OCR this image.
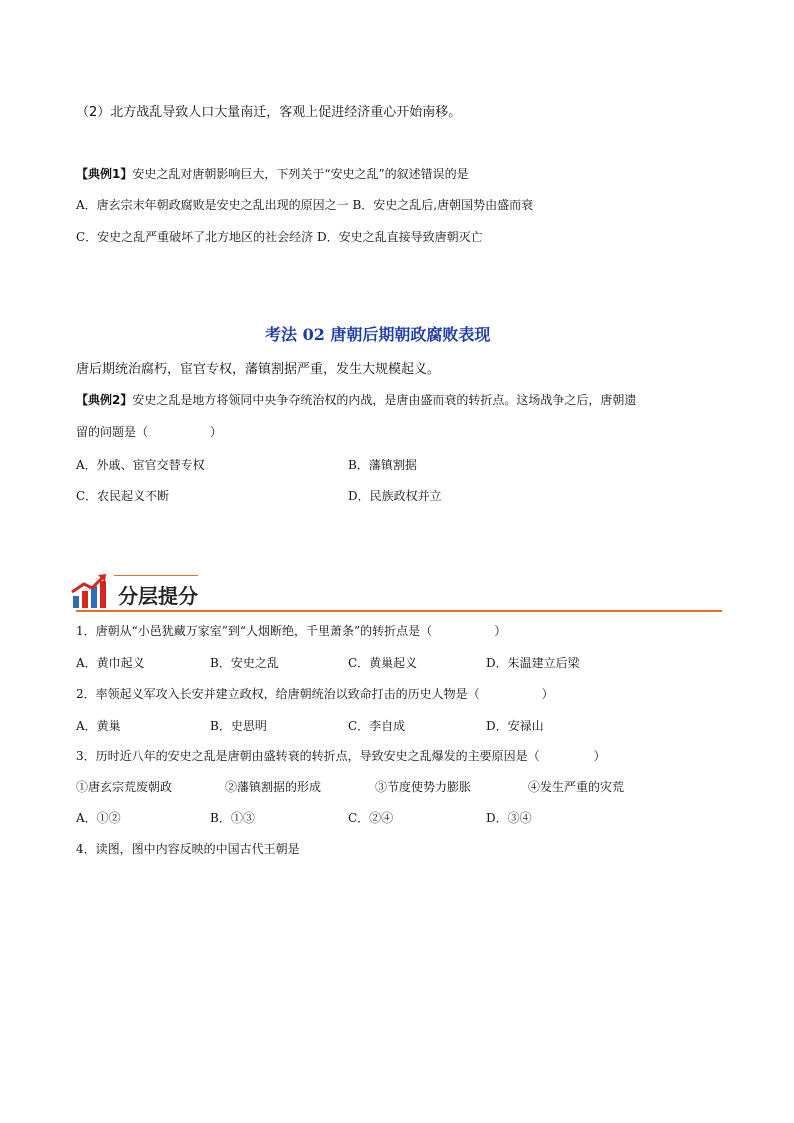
（2）北方战乱导致人口大量南迁，客观上促进经济重心开始南移。
【典例1】安史之乱对唐朝影响巨大，下列关于“安史之乱”的叙述错误的是
A．唐玄宗末年朝政腐败是安史之乱出现的原因之一 B．安史之乱后,唐朝国势由盛而衰
C．安史之乱严重破坏了北方地区的社会经济 D．安史之乱直接导致唐朝灭亡
考法 02 唐朝后期朝政腐败表现
唐后期统治腐朽，宦官专权，藩镇割据严重，发生大规模起义。
【典例2】安史之乱是地方将领同中央争夺统治权的内战，是唐由盛而衰的转折点。这场战争之后，唐朝遗
留的问题是（	）
A．外戚、宦官交替专权	B．藩镇割据
C．农民起义不断	D．民族政权并立
分层提分
1．唐朝从“小邑犹藏万家室”到“人烟断绝，千里萧条”的转折点是（	）
A．黄巾起义	B．安史之乱	C．黄巢起义	D．朱温建立后梁
2．率领起义军攻入长安并建立政权，给唐朝统治以致命打击的历史人物是（	）
A．黄巢	B．史思明	C．李自成	D．安禄山
3．历时近八年的安史之乱是唐朝由盛转衰的转折点，导致安史之乱爆发的主要原因是（	）
①唐玄宗荒废朝政	②藩镇割据的形成	③节度使势力膨胀	④发生严重的灾荒
A．①②	B．①③	C．②④	D．③④
4．读图，图中内容反映的中国古代王朝是
